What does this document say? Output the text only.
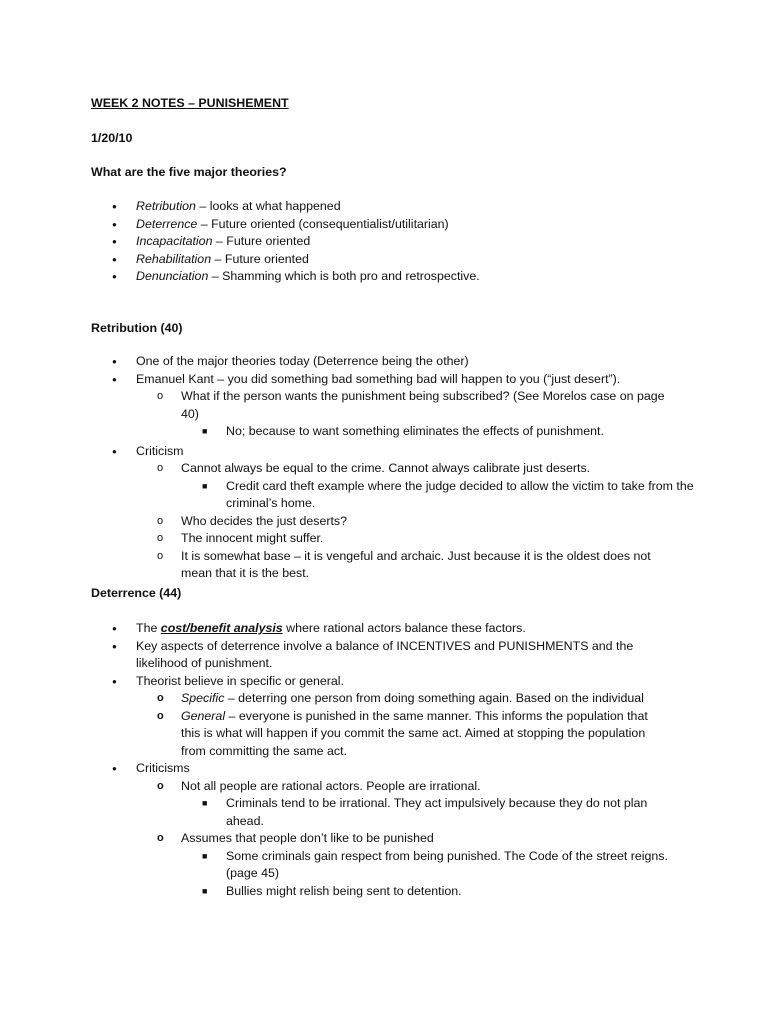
WEEK 2 NOTES – PUNISHEMENT
1/20/10
What are the five major theories?
● Retribution – looks at what happened
● Deterrence – Future oriented (consequentialist/utilitarian)
● Incapacitation – Future oriented
● Rehabilitation – Future oriented
● Denunciation – Shamming which is both pro and retrospective.
Retribution (40)
● One of the major theories today (Deterrence being the other)
● Emanuel Kant – you did something bad something bad will happen to you (“just desert”).
o What if the person wants the punishment being subscribed? (See Morelos case on page 40)
■ No; because to want something eliminates the effects of punishment.
● Criticism
o Cannot always be equal to the crime. Cannot always calibrate just deserts.
■ Credit card theft example where the judge decided to allow the victim to take from the criminal’s home.
o Who decides the just deserts?
o The innocent might suffer.
o It is somewhat base – it is vengeful and archaic. Just because it is the oldest does not mean that it is the best.
Deterrence (44)
● The cost/benefit analysis where rational actors balance these factors.
● Key aspects of deterrence involve a balance of INCENTIVES and PUNISHMENTS and the likelihood of punishment.
● Theorist believe in specific or general.
o Specific – deterring one person from doing something again. Based on the individual
o General – everyone is punished in the same manner. This informs the population that this is what will happen if you commit the same act. Aimed at stopping the population from committing the same act.
● Criticisms
o Not all people are rational actors. People are irrational.
■ Criminals tend to be irrational. They act impulsively because they do not plan ahead.
o Assumes that people don’t like to be punished
■ Some criminals gain respect from being punished. The Code of the street reigns. (page 45)
■ Bullies might relish being sent to detention.
